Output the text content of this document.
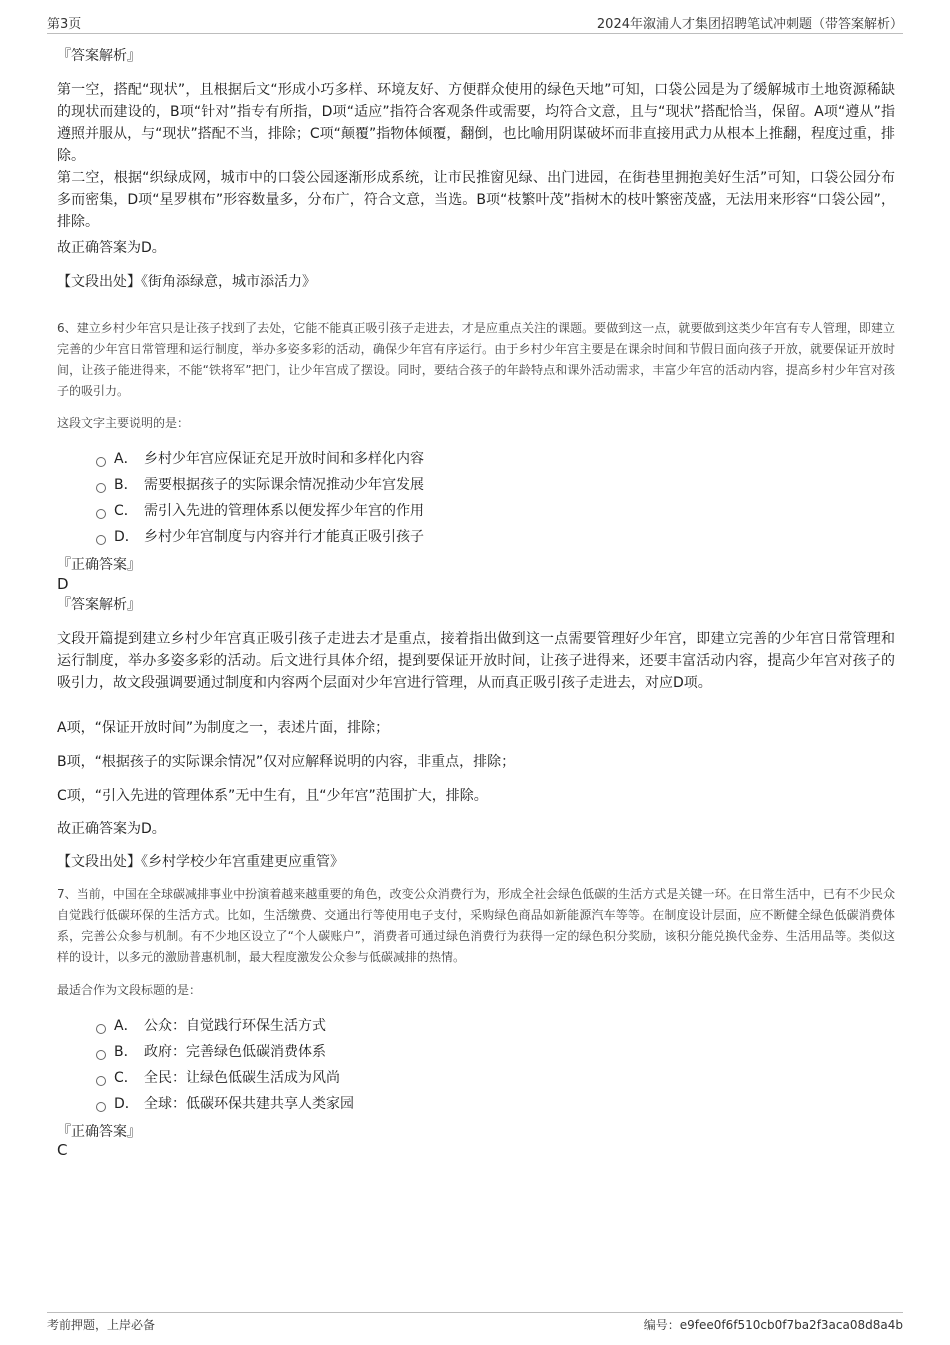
第3页	2024年溆浦人才集团招聘笔试冲刺题（带答案解析）
『答案解析』
第一空，搭配“现状”，且根据后文“形成小巧多样、环境友好、方便群众使用的绿色天地”可知，口袋公园是为了缓解城市土地资源稀缺的现状而建设的，B项“针对”指专有所指，D项“适应”指符合客观条件或需要，均符合文意，且与“现状”搭配恰当，保留。A项“遵从”指遵照并服从，与“现状”搭配不当，排除；C项“颠覆”指物体倾覆，翻倒，也比喻用阴谋破坏而非直接用武力从根本上推翻，程度过重，排除。
第二空，根据“织绿成网，城市中的口袋公园逐渐形成系统，让市民推窗见绿、出门进园，在街巷里拥抱美好生活”可知，口袋公园分布多而密集，D项“星罗棋布”形容数量多，分布广，符合文意，当选。B项“枝繁叶茂”指树木的枝叶繁密茂盛，无法用来形容“口袋公园”，排除。
故正确答案为D。
【文段出处】《街角添绿意，城市添活力》
6、建立乡村少年宫只是让孩子找到了去处，它能不能真正吸引孩子走进去，才是应重点关注的课题。要做到这一点，就要做到这类少年宫有专人管理，即建立完善的少年宫日常管理和运行制度，举办多姿多彩的活动，确保少年宫有序运行。由于乡村少年宫主要是在课余时间和节假日面向孩子开放，就要保证开放时间，让孩子能进得来，不能“铁将军”把门，让少年宫成了摆设。同时，要结合孩子的年龄特点和课外活动需求，丰富少年宫的活动内容，提高乡村少年宫对孩子的吸引力。
这段文字主要说明的是：
A． 乡村少年宫应保证充足开放时间和多样化内容
B． 需要根据孩子的实际课余情况推动少年宫发展
C． 需引入先进的管理体系以便发挥少年宫的作用
D． 乡村少年宫制度与内容并行才能真正吸引孩子
『正确答案』
D
『答案解析』
文段开篇提到建立乡村少年宫真正吸引孩子走进去才是重点，接着指出做到这一点需要管理好少年宫，即建立完善的少年宫日常管理和运行制度，举办多姿多彩的活动。后文进行具体介绍，提到要保证开放时间，让孩子进得来，还要丰富活动内容，提高少年宫对孩子的吸引力，故文段强调要通过制度和内容两个层面对少年宫进行管理，从而真正吸引孩子走进去，对应D项。
A项，“保证开放时间”为制度之一，表述片面，排除；
B项，“根据孩子的实际课余情况”仅对应解释说明的内容，非重点，排除；
C项，“引入先进的管理体系”无中生有，且“少年宫”范围扩大，排除。
故正确答案为D。
【文段出处】《乡村学校少年宫重建更应重管》
7、当前，中国在全球碳减排事业中扮演着越来越重要的角色，改变公众消费行为，形成全社会绿色低碳的生活方式是关键一环。在日常生活中，已有不少民众自觉践行低碳环保的生活方式。比如，生活缴费、交通出行等使用电子支付，采购绿色商品如新能源汽车等等。在制度设计层面，应不断健全绿色低碳消费体系，完善公众参与机制。有不少地区设立了“个人碳账户”，消费者可通过绿色消费行为获得一定的绿色积分奖励，该积分能兑换代金券、生活用品等。类似这样的设计，以多元的激励普惠机制，最大程度激发公众参与低碳减排的热情。
最适合作为文段标题的是：
A． 公众：自觉践行环保生活方式
B． 政府：完善绿色低碳消费体系
C． 全民：让绿色低碳生活成为风尚
D． 全球：低碳环保共建共享人类家园
『正确答案』
C
考前押题，上岸必备	编号：e9fee0f6f510cb0f7ba2f3aca08d8a4b
